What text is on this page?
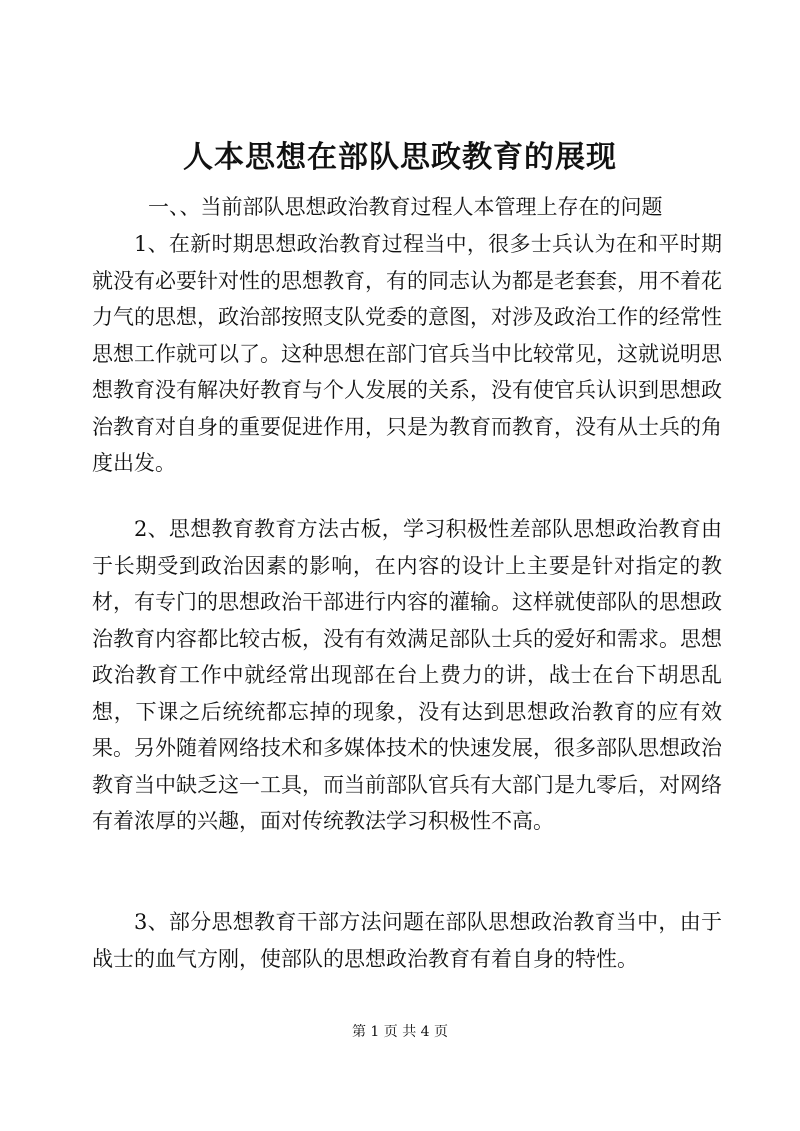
人本思想在部队思政教育的展现
一、、当前部队思想政治教育过程人本管理上存在的问题

1、在新时期思想政治教育过程当中，很多士兵认为在和平时期就没有必要针对性的思想教育，有的同志认为都是老套套，用不着花力气的思想，政治部按照支队党委的意图，对涉及政治工作的经常性思想工作就可以了。这种思想在部门官兵当中比较常见，这就说明思想教育没有解决好教育与个人发展的关系，没有使官兵认识到思想政治教育对自身的重要促进作用，只是为教育而教育，没有从士兵的角度出发。

2、思想教育教育方法古板，学习积极性差部队思想政治教育由于长期受到政治因素的影响，在内容的设计上主要是针对指定的教材，有专门的思想政治干部进行内容的灌输。这样就使部队的思想政治教育内容都比较古板，没有有效满足部队士兵的爱好和需求。思想政治教育工作中就经常出现部在台上费力的讲，战士在台下胡思乱想，下课之后统统都忘掉的现象，没有达到思想政治教育的应有效果。另外随着网络技术和多媒体技术的快速发展，很多部队思想政治教育当中缺乏这一工具，而当前部队官兵有大部门是九零后，对网络有着浓厚的兴趣，面对传统教法学习积极性不高。

3、部分思想教育干部方法问题在部队思想政治教育当中，由于战士的血气方刚，使部队的思想政治教育有着自身的特性。

第 1 页 共 4 页
